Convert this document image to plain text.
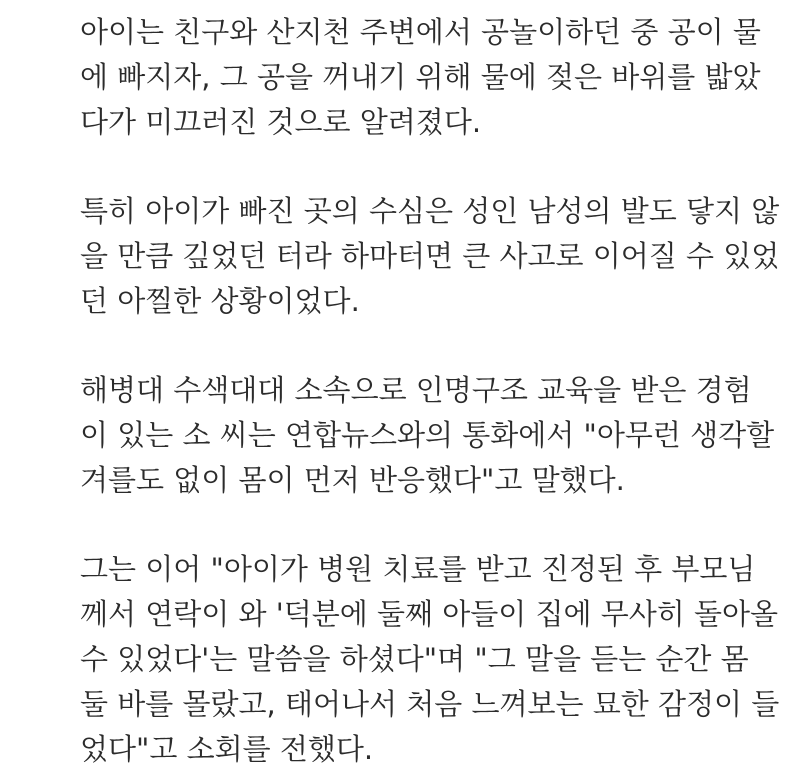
아이는 친구와 산지천 주변에서 공놀이하던 중 공이 물
에 빠지자, 그 공을 꺼내기 위해 물에 젖은 바위를 밟았
다가 미끄러진 것으로 알려졌다.

특히 아이가 빠진 곳의 수심은 성인 남성의 발도 닿지 않
을 만큼 깊었던 터라 하마터면 큰 사고로 이어질 수 있었
던 아찔한 상황이었다.

해병대 수색대대 소속으로 인명구조 교육을 받은 경험
이 있는 소 씨는 연합뉴스와의 통화에서 "아무런 생각할
겨를도 없이 몸이 먼저 반응했다"고 말했다.

그는 이어 "아이가 병원 치료를 받고 진정된 후 부모님
께서 연락이 와 '덕분에 둘째 아들이 집에 무사히 돌아올
수 있었다'는 말씀을 하셨다"며 "그 말을 듣는 순간 몸
둘 바를 몰랐고, 태어나서 처음 느껴보는 묘한 감정이 들
었다"고 소회를 전했다.
